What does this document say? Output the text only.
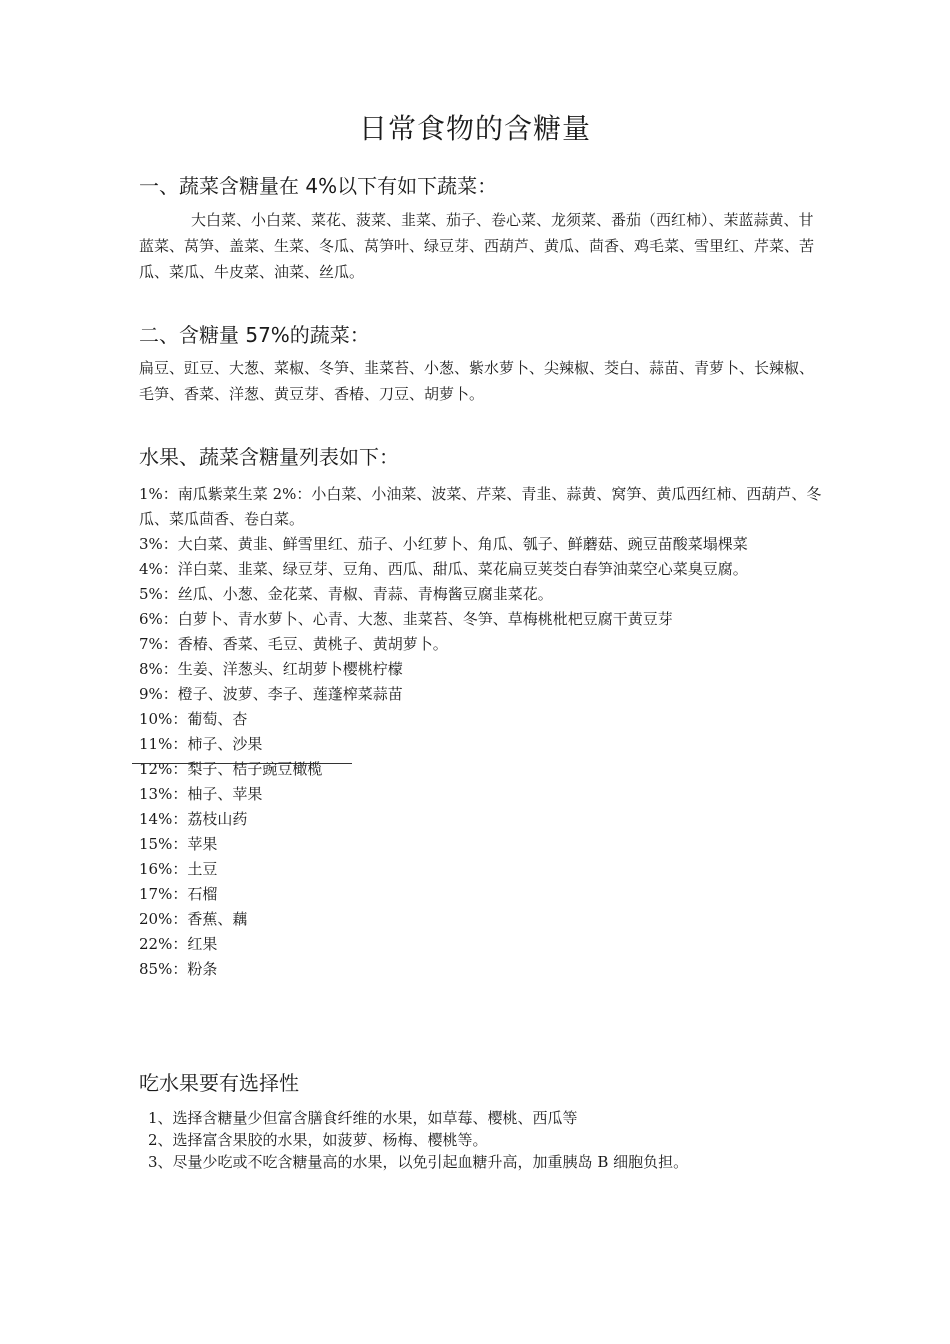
日常食物的含糖量
一、蔬菜含糖量在 4%以下有如下蔬菜：

大白菜、小白菜、菜花、菠菜、韭菜、茄子、卷心菜、龙须菜、番茄（西红柿）、茉蓝蒜黄、甘蓝菜、莴笋、盖菜、生菜、冬瓜、莴笋叶、绿豆芽、西葫芦、黄瓜、茴香、鸡毛菜、雪里红、芹菜、苦瓜、菜瓜、牛皮菜、油菜、丝瓜。

二、含糖量 57%的蔬菜：

扁豆、豇豆、大葱、菜椒、冬笋、韭菜苔、小葱、紫水萝卜、尖辣椒、茭白、蒜苗、青萝卜、长辣椒、毛笋、香菜、洋葱、黄豆芽、香椿、刀豆、胡萝卜。

水果、蔬菜含糖量列表如下：
1%：南瓜紫菜生菜 2%：小白菜、小油菜、波菜、芹菜、青韭、蒜黄、窝笋、黄瓜西红柿、西葫芦、冬瓜、菜瓜茴香、卷白菜。
3%：大白菜、黄韭、鲜雪里红、茄子、小红萝卜、角瓜、瓠子、鲜蘑菇、豌豆苗酸菜塌棵菜
4%：洋白菜、韭菜、绿豆芽、豆角、西瓜、甜瓜、菜花扁豆荚茭白春笋油菜空心菜臭豆腐。
5%：丝瓜、小葱、金花菜、青椒、青蒜、青梅酱豆腐韭菜花。
6%：白萝卜、青水萝卜、心青、大葱、韭菜苔、冬笋、草梅桃枇杷豆腐干黄豆芽
7%：香椿、香菜、毛豆、黄桃子、黄胡萝卜。
8%：生姜、洋葱头、红胡萝卜樱桃柠檬
9%：橙子、波萝、李子、莲蓬榨菜蒜苗
10%：葡萄、杏
11%：柿子、沙果
12%：梨子、桔子豌豆橄榄
13%：柚子、苹果
14%：荔枝山药
15%：苹果
16%：土豆
17%：石榴
20%：香蕉、藕
22%：红果
85%：粉条
吃水果要有选择性
1、选择含糖量少但富含膳食纤维的水果，如草莓、樱桃、西瓜等
2、选择富含果胶的水果，如菠萝、杨梅、樱桃等。
3、尽量少吃或不吃含糖量高的水果，以免引起血糖升高，加重胰岛 B 细胞负担。
